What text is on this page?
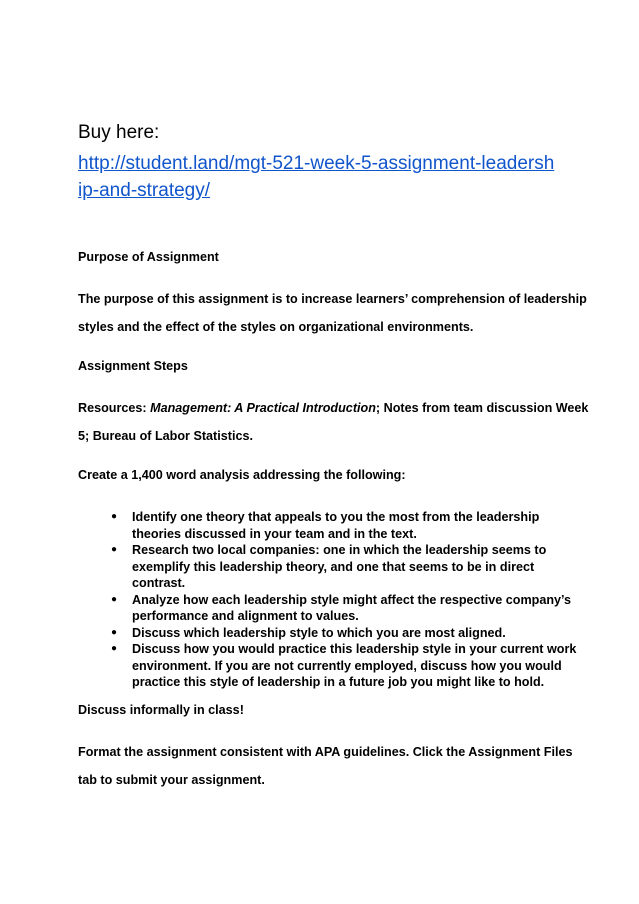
Buy here:
http://student.land/mgt-521-week-5-assignment-leadersh
ip-and-strategy/
Purpose of Assignment
The purpose of this assignment is to increase learners’ comprehension of leadership
styles and the effect of the styles on organizational environments.
Assignment Steps
Resources: Management: A Practical Introduction; Notes from team discussion Week
5; Bureau of Labor Statistics.
Create a 1,400 word analysis addressing the following:
● Identify one theory that appeals to you the most from the leadership
theories discussed in your team and in the text.
● Research two local companies: one in which the leadership seems to
exemplify this leadership theory, and one that seems to be in direct
contrast.
● Analyze how each leadership style might affect the respective company’s
performance and alignment to values.
● Discuss which leadership style to which you are most aligned.
● Discuss how you would practice this leadership style in your current work
environment. If you are not currently employed, discuss how you would
practice this style of leadership in a future job you might like to hold.
Discuss informally in class!
Format the assignment consistent with APA guidelines. Click the Assignment Files
tab to submit your assignment.
